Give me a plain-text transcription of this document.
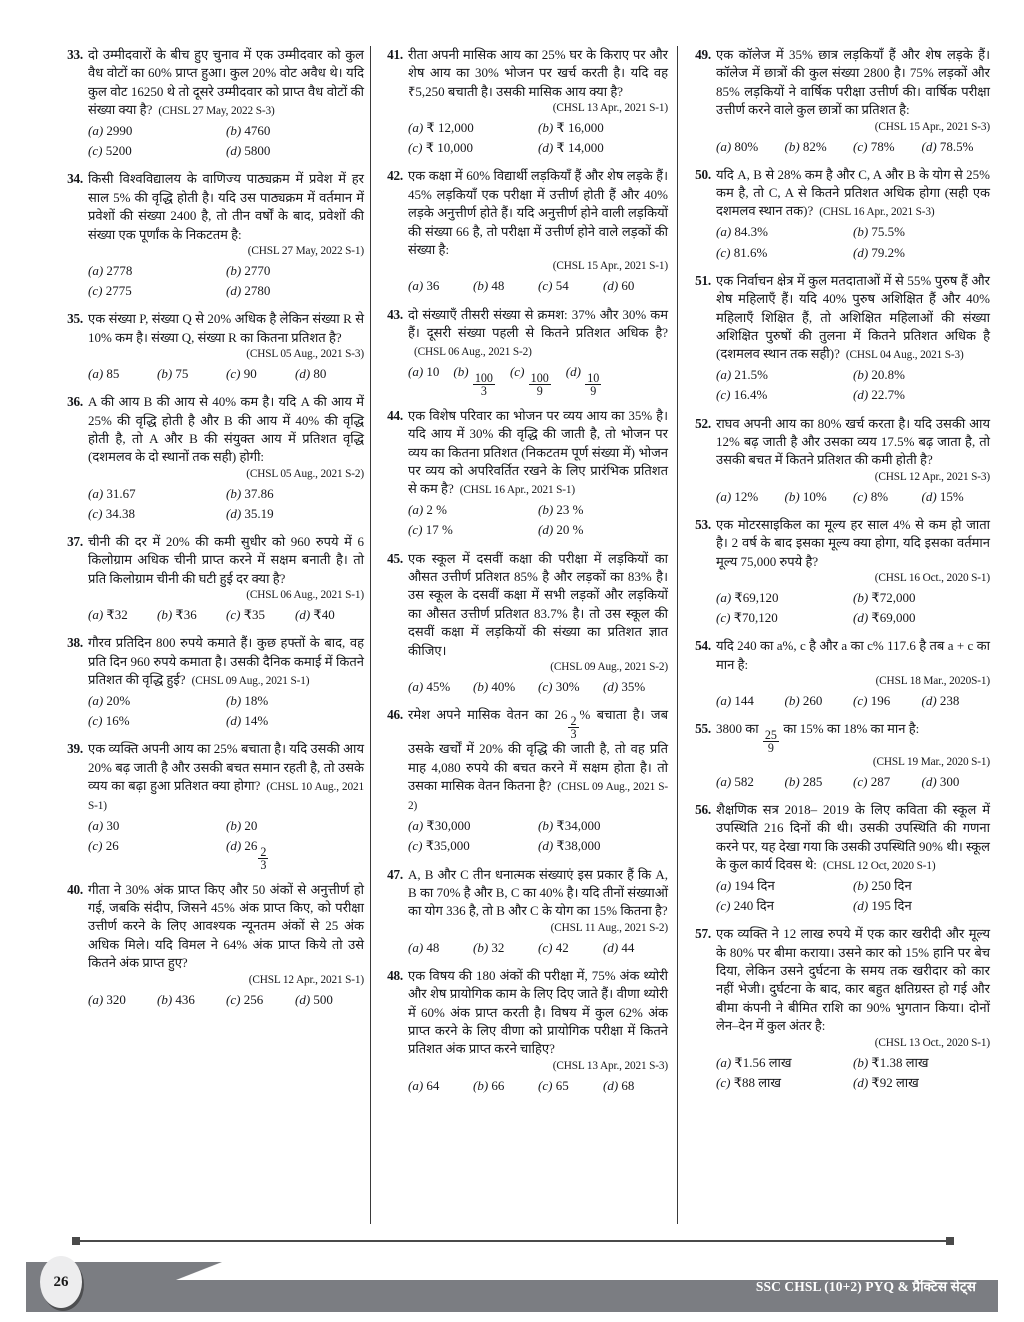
33. दो उम्मीदवारों के बीच हुए चुनाव में एक उम्मीदवार को कुल वैध वोटों का 60% प्राप्त हुआ। कुल 20% वोट अवैध थे। यदि कुल वोट 16250 थे तो दूसरे उम्मीदवार को प्राप्त वैध वोटों की संख्या क्या है? (CHSL 27 May, 2022 S-3)
(a) 2990	(b) 4760
(c) 5200	(d) 5800
34. किसी विश्वविद्यालय के वाणिज्य पाठ्यक्रम में प्रवेश में हर साल 5% की वृद्धि होती है। यदि उस पाठ्यक्रम में वर्तमान में प्रवेशों की संख्या 2400 है, तो तीन वर्षों के बाद, प्रवेशों की संख्या एक पूर्णांक के निकटतम है:
(CHSL 27 May, 2022 S-1)
(a) 2778	(b) 2770
(c) 2775	(d) 2780
35. एक संख्या P, संख्या Q से 20% अधिक है लेकिन संख्या R से 10% कम है। संख्या Q, संख्या R का कितना प्रतिशत है?
(CHSL 05 Aug., 2021 S-3)
(a) 85	(b) 75	(c) 90	(d) 80
36. A की आय B की आय से 40% कम है। यदि A की आय में 25% की वृद्धि होती है और B की आय में 40% की वृद्धि होती है, तो A और B की संयुक्त आय में प्रतिशत वृद्धि (दशमलव के दो स्थानों तक सही) होगी:
(CHSL 05 Aug., 2021 S-2)
(a) 31.67	(b) 37.86
(c) 34.38	(d) 35.19
37. चीनी की दर में 20% की कमी सुधीर को 960 रुपये में 6 किलोग्राम अधिक चीनी प्राप्त करने में सक्षम बनाती है। तो प्रति किलोग्राम चीनी की घटी हुई दर क्या है?
(CHSL 06 Aug., 2021 S-1)
(a) ₹32	(b) ₹36	(c) ₹35	(d) ₹40
38. गौरव प्रतिदिन 800 रुपये कमाते हैं। कुछ हफ्तों के बाद, वह प्रति दिन 960 रुपये कमाता है। उसकी दैनिक कमाई में कितने प्रतिशत की वृद्धि हुई? (CHSL 09 Aug., 2021 S-1)
(a) 20%	(b) 18%
(c) 16%	(d) 14%
39. एक व्यक्ति अपनी आय का 25% बचाता है। यदि उसकी आय 20% बढ़ जाती है और उसकी बचत समान रहती है, तो उसके व्यय का बढ़ा हुआ प्रतिशत क्या होगा? (CHSL 10 Aug., 2021 S-1)
(a) 30	(b) 20
(c) 26	(d) 26
$\frac{2}{3}$
40. गीता ने 30% अंक प्राप्त किए और 50 अंकों से अनुत्तीर्ण हो गई, जबकि संदीप, जिसने 45% अंक प्राप्त किए, को परीक्षा उत्तीर्ण करने के लिए आवश्यक न्यूनतम अंकों से 25 अंक अधिक मिले। यदि विमल ने 64% अंक प्राप्त किये तो उसे कितने अंक प्राप्त हुए?
(CHSL 12 Apr., 2021 S-1)
(a) 320	(b) 436	(c) 256	(d) 500
41. रीता अपनी मासिक आय का 25% घर के किराए पर और शेष आय का 30% भोजन पर खर्च करती है। यदि वह ₹5,250 बचाती है। उसकी मासिक आय क्या है?
(CHSL 13 Apr., 2021 S-1)
(a) ₹ 12,000	(b) ₹ 16,000
(c) ₹ 10,000	(d) ₹ 14,000
42. एक कक्षा में 60% विद्यार्थी लड़कियाँ हैं और शेष लड़के हैं। 45% लड़कियाँ एक परीक्षा में उत्तीर्ण होती हैं और 40% लड़के अनुत्तीर्ण होते हैं। यदि अनुत्तीर्ण होने वाली लड़कियों की संख्या 66 है, तो परीक्षा में उत्तीर्ण होने वाले लड़कों की संख्या है:
(CHSL 15 Apr., 2021 S-1)
(a) 36	(b) 48	(c) 54	(d) 60
43. दो संख्याएँ तीसरी संख्या से क्रमश: 37% और 30% कम हैं। दूसरी संख्या पहली से कितने प्रतिशत अधिक है?(CHSL 06 Aug., 2021 S-2)
(a) 10	(b)
$\frac{100}{3}$
(c)
$\frac{100}{9}$
(d)
$\frac{10}{9}$
44. एक विशेष परिवार का भोजन पर व्यय आय का 35% है। यदि आय में 30% की वृद्धि की जाती है, तो भोजन पर व्यय का कितना प्रतिशत (निकटतम पूर्ण संख्या में) भोजन पर व्यय को अपरिवर्तित रखने के लिए प्रारंभिक प्रतिशत से कम है? (CHSL 16 Apr., 2021 S-1)
(a) 2 %	(b) 23 %
(c) 17 %	(d) 20 %
45. एक स्कूल में दसवीं कक्षा की परीक्षा में लड़कियों का औसत उत्तीर्ण प्रतिशत 85% है और लड़कों का 83% है। उस स्कूल के दसवीं कक्षा में सभी लड़कों और लड़कियों का औसत उत्तीर्ण प्रतिशत 83.7% है। तो उस स्कूल की दसवीं कक्षा में लड़कियों की संख्या का प्रतिशत ज्ञात कीजिए।
(CHSL 09 Aug., 2021 S-2)
(a) 45%	(b) 40%	(c) 30%	(d) 35%
46. रमेश अपने मासिक वेतन का 26
$\frac{2}{3}$
% बचाता है। जब उसके खर्चों में 20% की वृद्धि की जाती है, तो वह प्रति माह 4,080 रुपये की बचत करने में सक्षम होता है। तो उसका मासिक वेतन कितना है? (CHSL 09 Aug., 2021 S-2)
(a) ₹30,000	(b) ₹34,000
(c) ₹35,000	(d) ₹38,000
47. A, B और C तीन धनात्मक संख्याएं इस प्रकार हैं कि A, B का 70% है और B, C का 40% है। यदि तीनों संख्याओं का योग 336 है, तो B और C के योग का 15% कितना है?
(CHSL 11 Aug., 2021 S-2)
(a) 48	(b) 32	(c) 42	(d) 44
48. एक विषय की 180 अंकों की परीक्षा में, 75% अंक थ्योरी और शेष प्रायोगिक काम के लिए दिए जाते हैं। वीणा थ्योरी में 60% अंक प्राप्त करती है। विषय में कुल 62% अंक प्राप्त करने के लिए वीणा को प्रायोगिक परीक्षा में कितने प्रतिशत अंक प्राप्त करने चाहिए?
(CHSL 13 Apr., 2021 S-3)
(a) 64	(b) 66	(c) 65	(d) 68
49. एक कॉलेज में 35% छात्र लड़कियाँ हैं और शेष लड़के हैं। कॉलेज में छात्रों की कुल संख्या 2800 है। 75% लड़कों और 85% लड़कियों ने वार्षिक परीक्षा उत्तीर्ण की। वार्षिक परीक्षा उत्तीर्ण करने वाले कुल छात्रों का प्रतिशत है:
(CHSL 15 Apr., 2021 S-3)
(a) 80%	(b) 82%	(c) 78%	(d) 78.5%
50. यदि A, B से 28% कम है और C, A और B के योग से 25% कम है, तो C, A से कितने प्रतिशत अधिक होगा (सही एक दशमलव स्थान तक)? (CHSL 16 Apr., 2021 S-3)
(a) 84.3%	(b) 75.5%
(c) 81.6%	(d) 79.2%
51. एक निर्वाचन क्षेत्र में कुल मतदाताओं में से 55% पुरुष हैं और शेष महिलाएँ हैं। यदि 40% पुरुष अशिक्षित हैं और 40% महिलाएँ शिक्षित हैं, तो अशिक्षित महिलाओं की संख्या अशिक्षित पुरुषों की तुलना में कितने प्रतिशत अधिक है (दशमलव स्थान तक सही)? (CHSL 04 Aug., 2021 S-3)
(a) 21.5%	(b) 20.8%
(c) 16.4%	(d) 22.7%
52. राघव अपनी आय का 80% खर्च करता है। यदि उसकी आय 12% बढ़ जाती है और उसका व्यय 17.5% बढ़ जाता है, तो उसकी बचत में कितने प्रतिशत की कमी होती है?
(CHSL 12 Apr., 2021 S-3)
(a) 12%	(b) 10%	(c) 8%	(d) 15%
53. एक मोटरसाइकिल का मूल्य हर साल 4% से कम हो जाता है। 2 वर्ष के बाद इसका मूल्य क्या होगा, यदि इसका वर्तमान मूल्य 75,000 रुपये है?
(CHSL 16 Oct., 2020 S-1)
(a) ₹69,120	(b) ₹72,000
(c) ₹70,120	(d) ₹69,000
54. यदि 240 का a%, c है और a का c% 117.6 है तब a + c का मान है:
(CHSL 18 Mar., 2020S-1)
(a) 144	(b) 260	(c) 196	(d) 238
55. 3800 का
$\frac{25}{9}$
का 15% का 18% का मान है:
(CHSL 19 Mar., 2020 S-1)
(a) 582	(b) 285	(c) 287	(d) 300
56. शैक्षणिक सत्र 2018– 2019 के लिए कविता की स्कूल में उपस्थिति 216 दिनों की थी। उसकी उपस्थिति की गणना करने पर, यह देखा गया कि उसकी उपस्थिति 90% थी। स्कूल के कुल कार्य दिवस थे: (CHSL 12 Oct, 2020 S-1)
(a) 194 दिन	(b) 250 दिन
(c) 240 दिन	(d) 195 दिन
57. एक व्यक्ति ने 12 लाख रुपये में एक कार खरीदी और मूल्य के 80% पर बीमा कराया। उसने कार को 15% हानि पर बेच दिया, लेकिन उसने दुर्घटना के समय तक खरीदार को कार नहीं भेजी। दुर्घटना के बाद, कार बहुत क्षतिग्रस्त हो गई और बीमा कंपनी ने बीमित राशि का 90% भुगतान किया। दोनों लेन–देन में कुल अंतर है:
(CHSL 13 Oct., 2020 S-1)
(a) ₹1.56 लाख	(b) ₹1.38 लाख
(c) ₹88 लाख	(d) ₹92 लाख
26	SSC CHSL (10+2) PYQ & प्रैक्टिस सेट्स
